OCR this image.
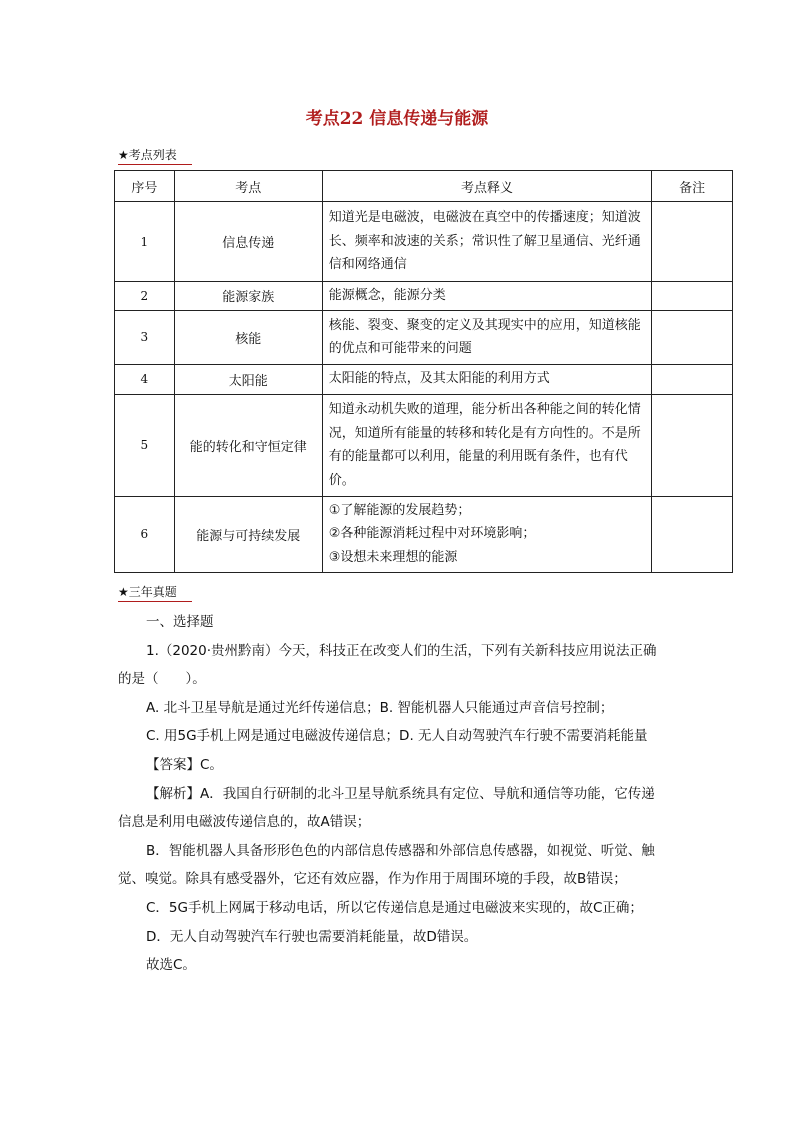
考点22 信息传递与能源
★考点列表
序号	考点	考点释义	备注
1	信息传递	知道光是电磁波，电磁波在真空中的传播速度；知道波长、频率和波速的关系；常识性了解卫星通信、光纤通信和网络通信	
2	能源家族	能源概念，能源分类	
3	核能	核能、裂变、聚变的定义及其现实中的应用，知道核能的优点和可能带来的问题	
4	太阳能	太阳能的特点，及其太阳能的利用方式	
5	能的转化和守恒定律	知道永动机失败的道理，能分析出各种能之间的转化情况，知道所有能量的转移和转化是有方向性的。不是所有的能量都可以利用，能量的利用既有条件，也有代价。	
6	能源与可持续发展	①了解能源的发展趋势；
②各种能源消耗过程中对环境影响；
③设想未来理想的能源	

★三年真题

一、选择题

1.（2020·贵州黔南）今天，科技正在改变人们的生活，下列有关新科技应用说法正确

的是（　　）。

A. 北斗卫星导航是通过光纤传递信息；B. 智能机器人只能通过声音信号控制；

C. 用5G手机上网是通过电磁波传递信息；D. 无人自动驾驶汽车行驶不需要消耗能量

【答案】C。

【解析】A．我国自行研制的北斗卫星导航系统具有定位、导航和通信等功能，它传递

信息是利用电磁波传递信息的，故A错误；

B．智能机器人具备形形色色的内部信息传感器和外部信息传感器，如视觉、听觉、触

觉、嗅觉。除具有感受器外，它还有效应器，作为作用于周围环境的手段，故B错误；

C．5G手机上网属于移动电话，所以它传递信息是通过电磁波来实现的，故C正确；

D．无人自动驾驶汽车行驶也需要消耗能量，故D错误。

故选C。
